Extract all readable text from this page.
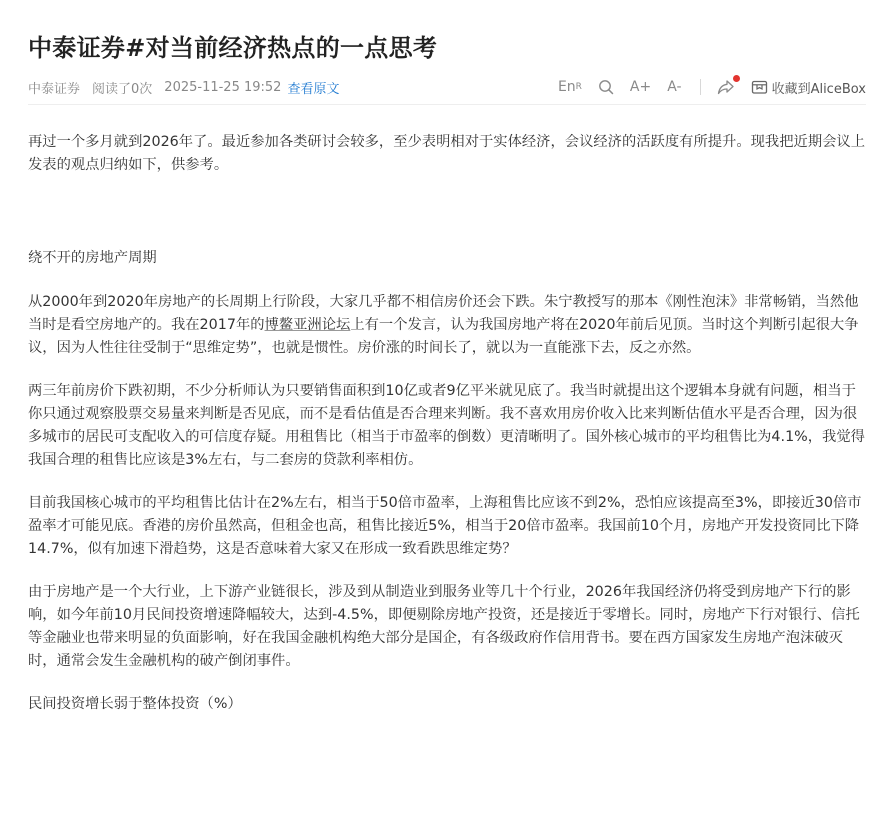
中泰证券#对当前经济热点的一点思考
中泰证券 阅读了0次 2025-11-25 19:52 查看原文	En R	A+ A-	收藏到AliceBox

再过一个多月就到2026年了。最近参加各类研讨会较多，至少表明相对于实体经济，会议经济的活跃度有所提升。现我把近期会议上发表的观点归纳如下，供参考。

绕不开的房地产周期

从2000年到2020年房地产的长周期上行阶段，大家几乎都不相信房价还会下跌。朱宁教授写的那本《刚性泡沫》非常畅销，当然他当时是看空房地产的。我在2017年的博鳌亚洲论坛上有一个发言，认为我国房地产将在2020年前后见顶。当时这个判断引起很大争议，因为人性往往受制于“思维定势”，也就是惯性。房价涨的时间长了，就以为一直能涨下去，反之亦然。

两三年前房价下跌初期，不少分析师认为只要销售面积到10亿或者9亿平米就见底了。我当时就提出这个逻辑本身就有问题，相当于你只通过观察股票交易量来判断是否见底，而不是看估值是否合理来判断。我不喜欢用房价收入比来判断估值水平是否合理，因为很多城市的居民可支配收入的可信度存疑。用租售比（相当于市盈率的倒数）更清晰明了。国外核心城市的平均租售比为4.1%，我觉得我国合理的租售比应该是3%左右，与二套房的贷款利率相仿。

目前我国核心城市的平均租售比估计在2%左右，相当于50倍市盈率，上海租售比应该不到2%，恐怕应该提高至3%，即接近30倍市盈率才可能见底。香港的房价虽然高，但租金也高，租售比接近5%，相当于20倍市盈率。我国前10个月，房地产开发投资同比下降14.7%，似有加速下滑趋势，这是否意味着大家又在形成一致看跌思维定势？

由于房地产是一个大行业，上下游产业链很长，涉及到从制造业到服务业等几十个行业，2026年我国经济仍将受到房地产下行的影响，如今年前10月民间投资增速降幅较大，达到-4.5%，即便剔除房地产投资，还是接近于零增长。同时，房地产下行对银行、信托等金融业也带来明显的负面影响，好在我国金融机构绝大部分是国企，有各级政府作信用背书。要在西方国家发生房地产泡沫破灭时，通常会发生金融机构的破产倒闭事件。

民间投资增长弱于整体投资（%）
